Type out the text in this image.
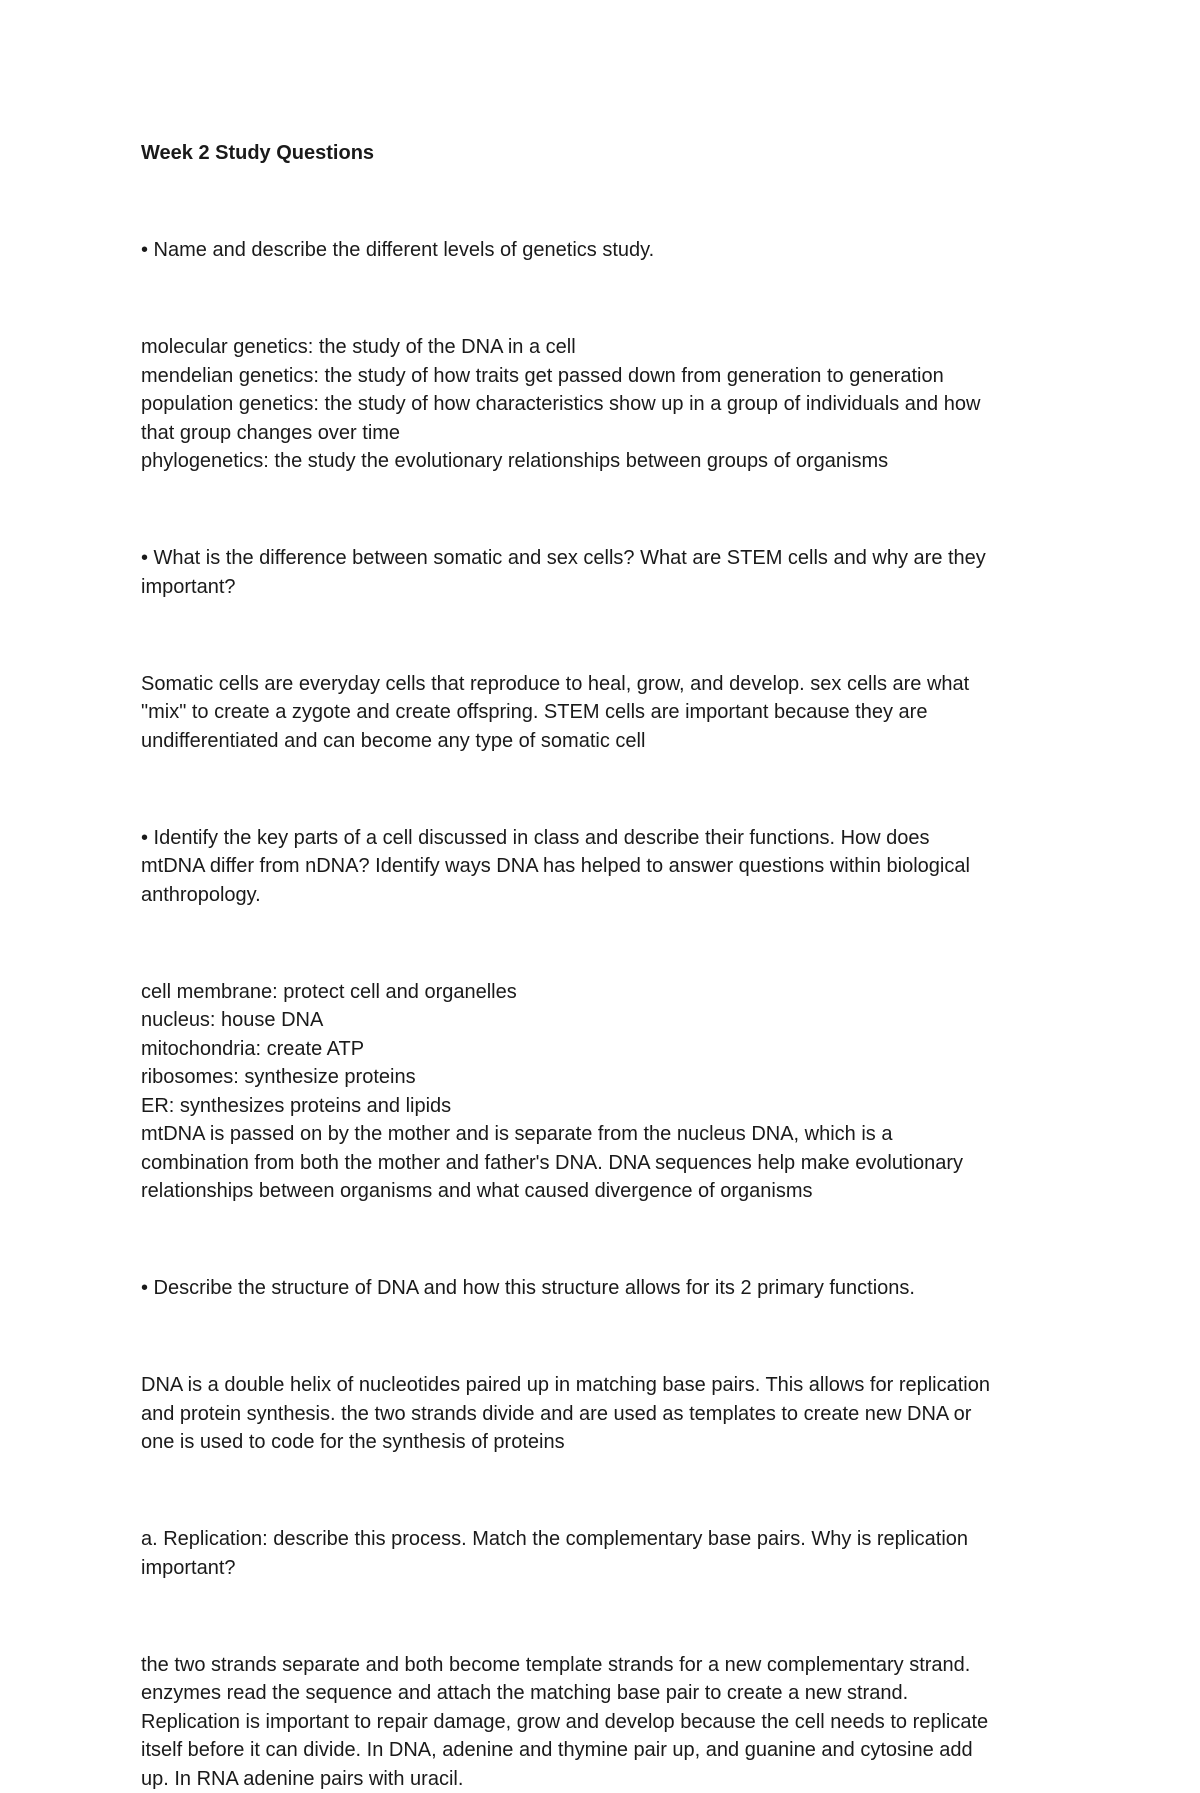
Week 2 Study Questions

• Name and describe the different levels of genetics study.

molecular genetics: the study of the DNA in a cell

mendelian genetics: the study of how traits get passed down from generation to generation

population genetics: the study of how characteristics show up in a group of individuals and how

that group changes over time

phylogenetics: the study the evolutionary relationships between groups of organisms

• What is the difference between somatic and sex cells? What are STEM cells and why are they

important?

Somatic cells are everyday cells that reproduce to heal, grow, and develop. sex cells are what

"mix" to create a zygote and create offspring. STEM cells are important because they are

undifferentiated and can become any type of somatic cell

• Identify the key parts of a cell discussed in class and describe their functions. How does

mtDNA differ from nDNA? Identify ways DNA has helped to answer questions within biological

anthropology.

cell membrane: protect cell and organelles

nucleus: house DNA

mitochondria: create ATP

ribosomes: synthesize proteins

ER: synthesizes proteins and lipids

mtDNA is passed on by the mother and is separate from the nucleus DNA, which is a

combination from both the mother and father's DNA. DNA sequences help make evolutionary

relationships between organisms and what caused divergence of organisms

• Describe the structure of DNA and how this structure allows for its 2 primary functions.

DNA is a double helix of nucleotides paired up in matching base pairs. This allows for replication

and protein synthesis. the two strands divide and are used as templates to create new DNA or

one is used to code for the synthesis of proteins

a. Replication: describe this process. Match the complementary base pairs. Why is replication

important?

the two strands separate and both become template strands for a new complementary strand.

enzymes read the sequence and attach the matching base pair to create a new strand.

Replication is important to repair damage, grow and develop because the cell needs to replicate

itself before it can divide. In DNA, adenine and thymine pair up, and guanine and cytosine add

up. In RNA adenine pairs with uracil.
